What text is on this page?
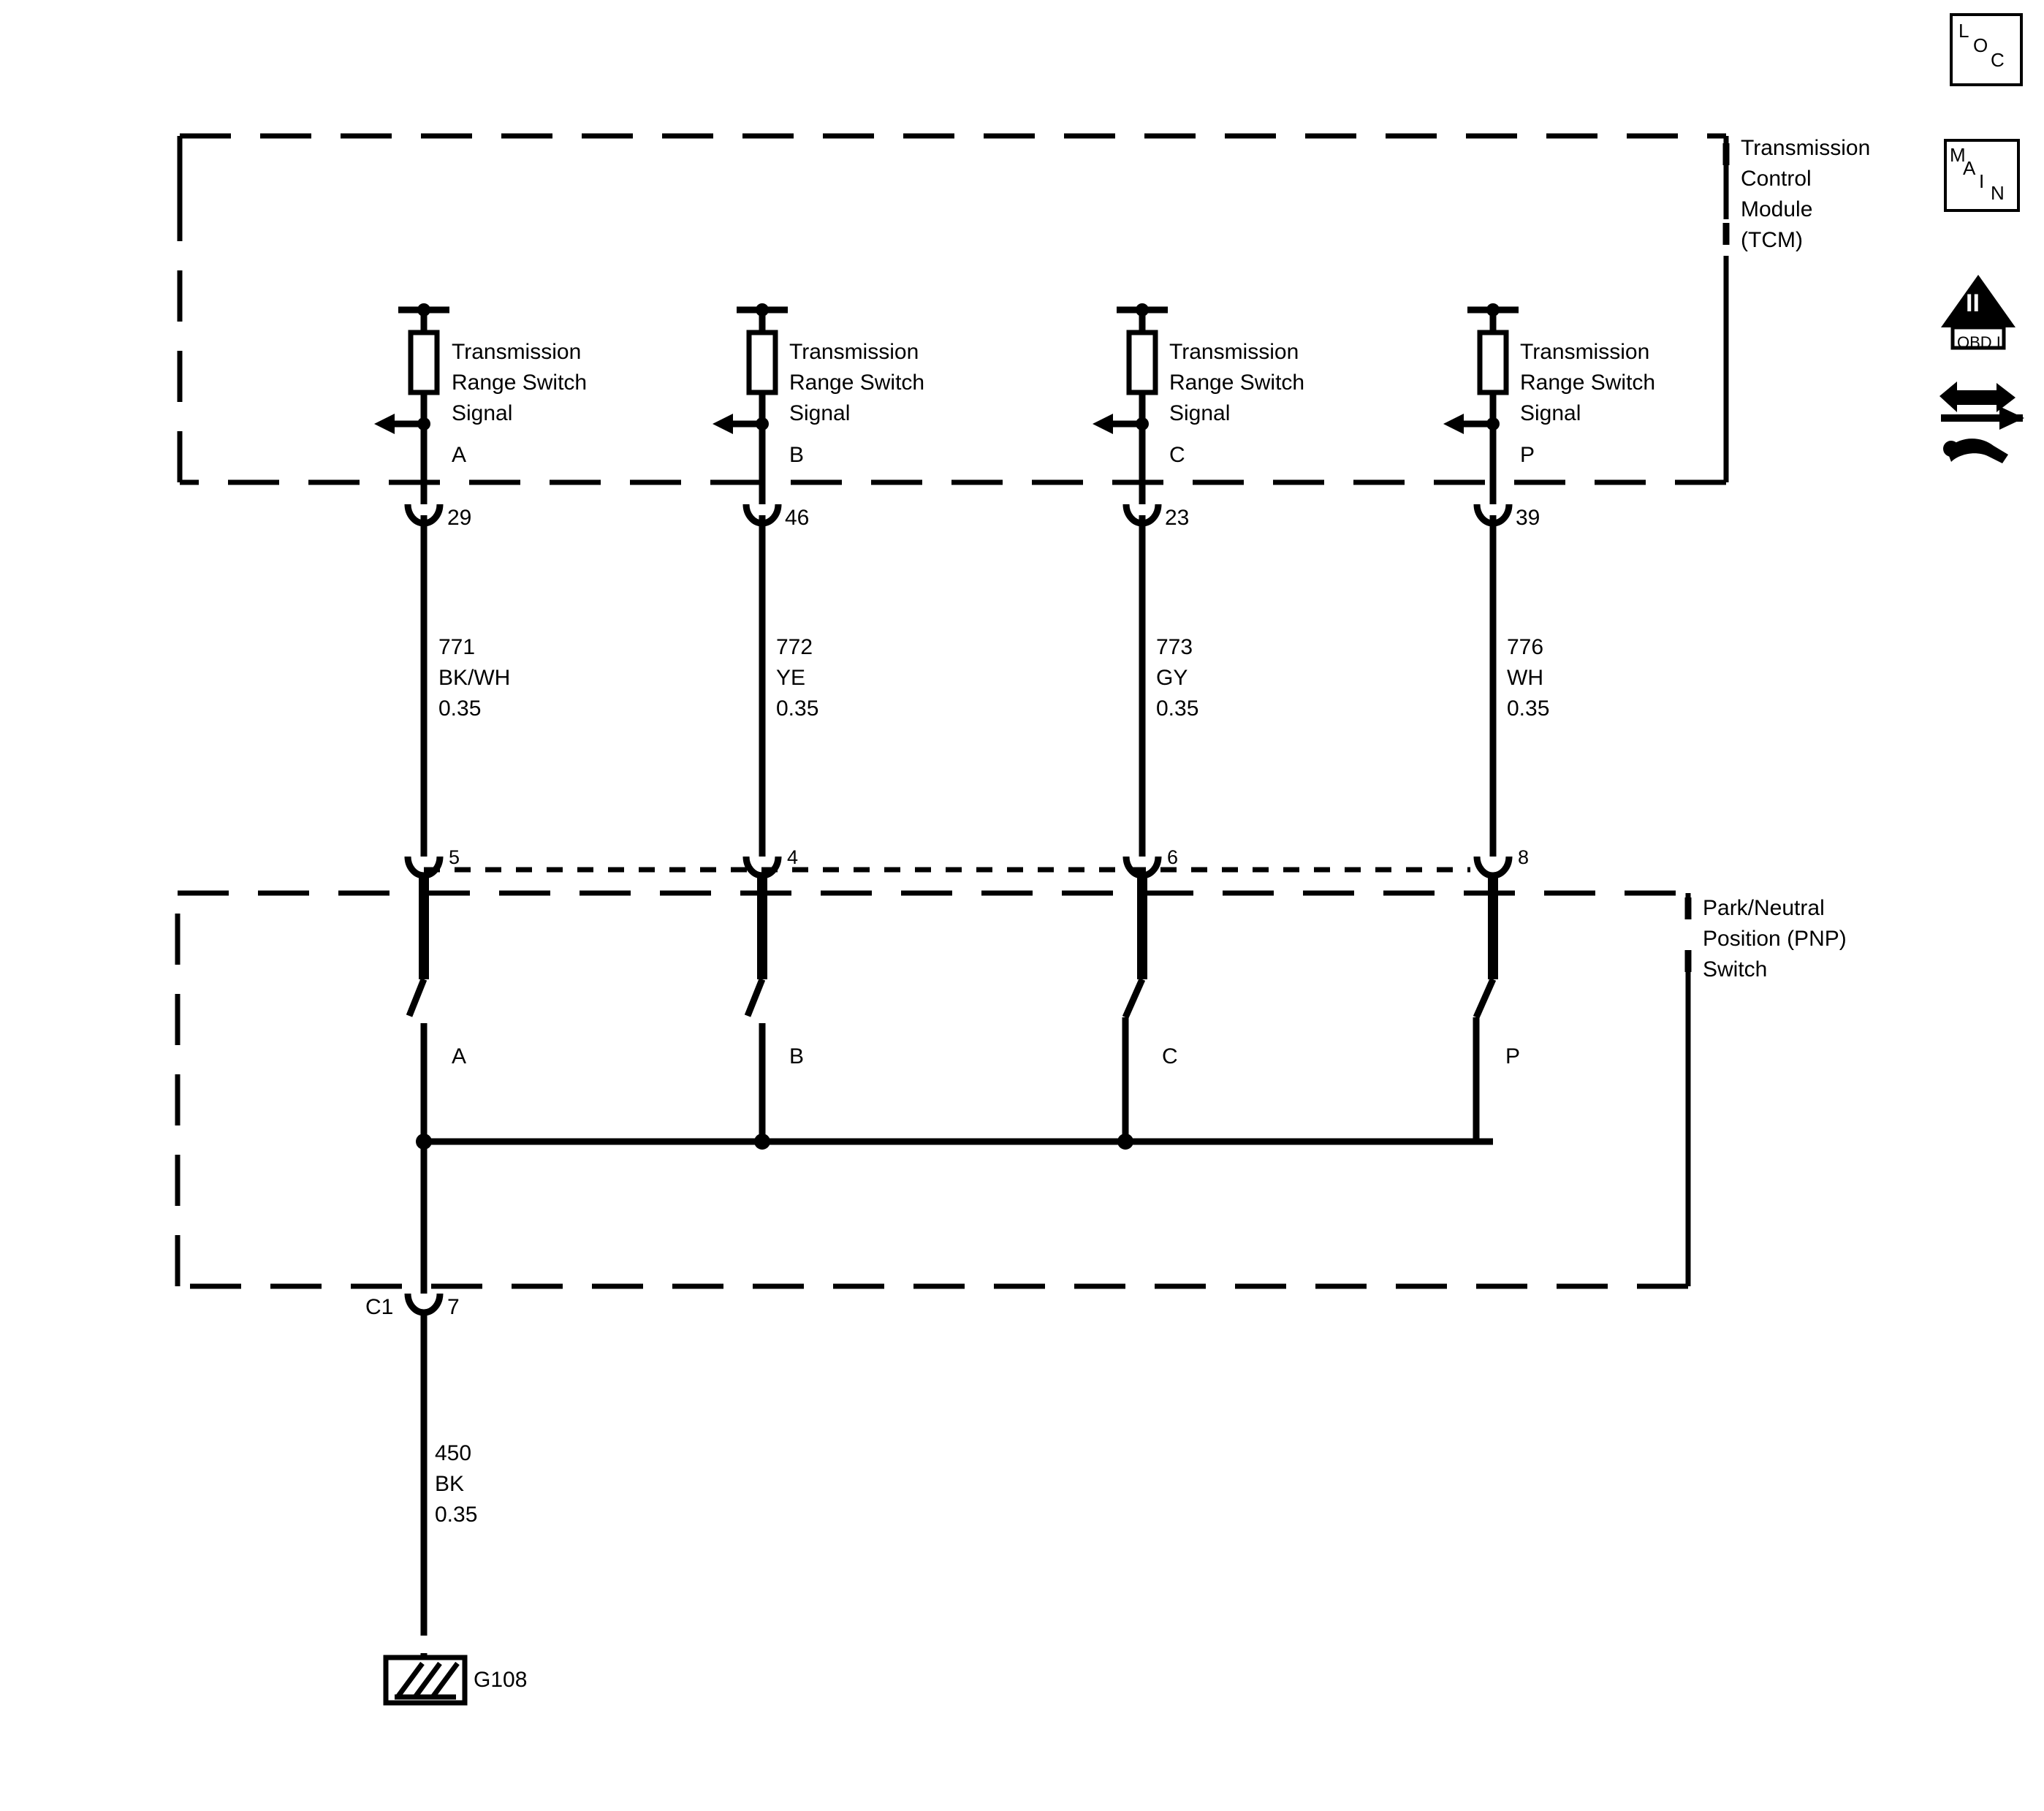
Transmission
Control
Module
(TCM)
Park/Neutral
Position (PNP)
Switch
Transmission
Range Switch
Signal
A
29
771
BK/WH
0.35
5
A
Transmission
Range Switch
Signal
B
46
772
YE
0.35
4
B
Transmission
Range Switch
Signal
C
23
773
GY
0.35
6
C
Transmission
Range Switch
Signal
P
39
776
WH
0.35
8
P
C1 7
450
BK
0.35
G108
L
O
C
M
A
I
N
II
OBD II
